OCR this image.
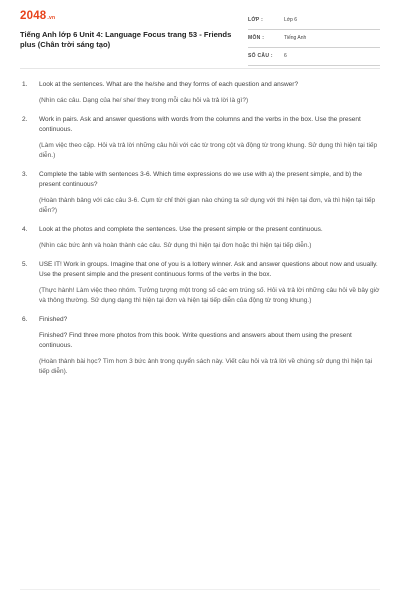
2048.vn
Tiếng Anh lớp 6 Unit 4: Language Focus trang 53 - Friends plus (Chân trời sáng tạo)
LỚP :	Lớp 6
MÔN :	Tiếng Anh
SỐ CÂU : 6
1. Look at the sentences. What are the he/she and they forms of each question and answer?

(Nhìn các câu. Dạng của he/ she/ they trong mỗi câu hỏi và trả lời là gì?)

2. Work in pairs. Ask and answer questions with words from the columns and the verbs in the box. Use the present continuous.

(Làm việc theo cặp. Hỏi và trả lời những câu hỏi với các từ trong cột và động từ trong khung. Sử dụng thì hiện tại tiếp diễn.)

3. Complete the table with sentences 3-6. Which time expressions do we use with a) the present simple, and b) the present continuous?

(Hoàn thành bảng với các câu 3-6. Cụm từ chỉ thời gian nào chúng ta sử dụng với thì hiện tại đơn, và thì hiện tại tiếp diễn?)

4. Look at the photos and complete the sentences. Use the present simple or the present continuous.

(Nhìn các bức ảnh và hoàn thành các câu. Sử dụng thì hiện tại đơn hoặc thì hiện tại tiếp diễn.)

5. USE IT! Work in groups. Imagine that one of you is a lottery winner. Ask and answer questions about now and usually. Use the present simple and the present continuous forms of the verbs in the box.

(Thực hành! Làm việc theo nhóm. Tưởng tượng một trong số các em trúng số. Hỏi và trả lời những câu hỏi về bây giờ và thông thường. Sử dụng dạng thì hiện tại đơn và hiện tại tiếp diễn của động từ trong khung.)

6. Finished?

Finished? Find three more photos from this book. Write questions and answers about them using the present continuous.

(Hoàn thành bài học? Tìm hơn 3 bức ảnh trong quyển sách này. Viết câu hỏi và trả lời về chúng sử dụng thì hiện tại tiếp diễn).
